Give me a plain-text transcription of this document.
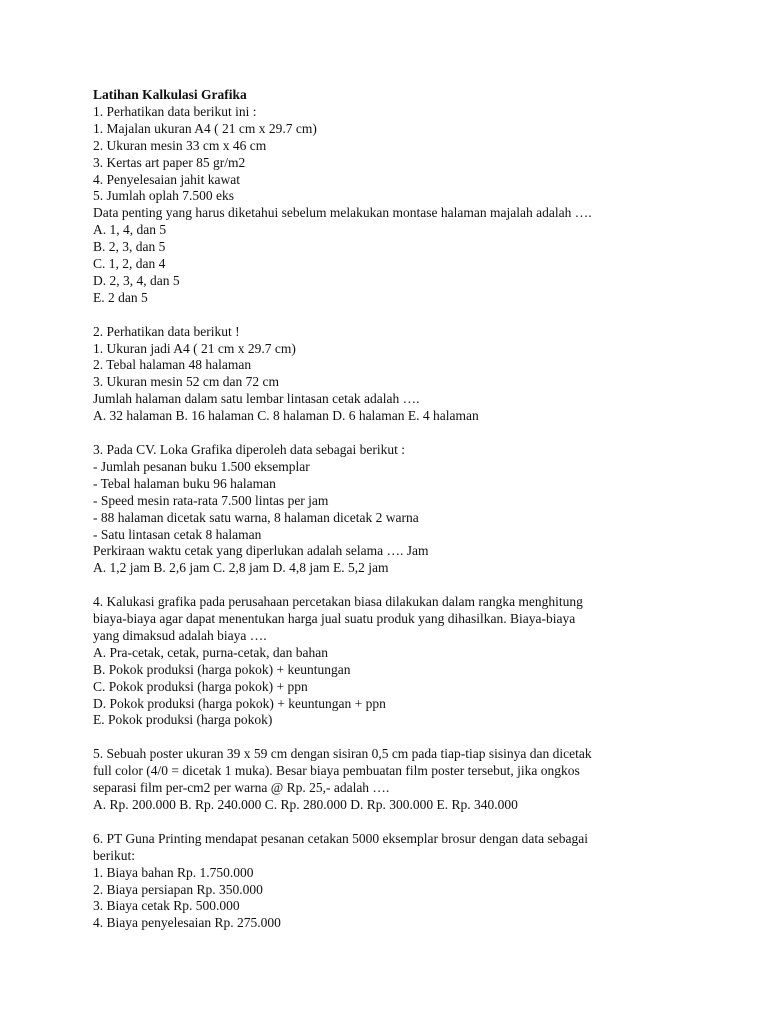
Latihan Kalkulasi Grafika
1. Perhatikan data berikut ini :
1. Majalan ukuran A4 ( 21 cm x 29.7 cm)
2. Ukuran mesin 33 cm x 46 cm
3. Kertas art paper 85 gr/m2
4. Penyelesaian jahit kawat
5. Jumlah oplah 7.500 eks
Data penting yang harus diketahui sebelum melakukan montase halaman majalah adalah ….
A. 1, 4, dan 5
B. 2, 3, dan 5
C. 1, 2, dan 4
D. 2, 3, 4, dan 5
E. 2 dan 5
2. Perhatikan data berikut !
1. Ukuran jadi A4 ( 21 cm x 29.7 cm)
2. Tebal halaman 48 halaman
3. Ukuran mesin 52 cm dan 72 cm
Jumlah halaman dalam satu lembar lintasan cetak adalah ….
A. 32 halaman B. 16 halaman C. 8 halaman D. 6 halaman E. 4 halaman
3. Pada CV. Loka Grafika diperoleh data sebagai berikut :
- Jumlah pesanan buku 1.500 eksemplar
- Tebal halaman buku 96 halaman
- Speed mesin rata-rata 7.500 lintas per jam
- 88 halaman dicetak satu warna, 8 halaman dicetak 2 warna
- Satu lintasan cetak 8 halaman
Perkiraan waktu cetak yang diperlukan adalah selama …. Jam
A. 1,2 jam B. 2,6 jam C. 2,8 jam D. 4,8 jam E. 5,2 jam
4. Kalukasi grafika pada perusahaan percetakan biasa dilakukan dalam rangka menghitung
biaya-biaya agar dapat menentukan harga jual suatu produk yang dihasilkan. Biaya-biaya
yang dimaksud adalah biaya ….
A. Pra-cetak, cetak, purna-cetak, dan bahan
B. Pokok produksi (harga pokok) + keuntungan
C. Pokok produksi (harga pokok) + ppn
D. Pokok produksi (harga pokok) + keuntungan + ppn
E. Pokok produksi (harga pokok)
5. Sebuah poster ukuran 39 x 59 cm dengan sisiran 0,5 cm pada tiap-tiap sisinya dan dicetak
full color (4/0 = dicetak 1 muka). Besar biaya pembuatan film poster tersebut, jika ongkos
separasi film per-cm2 per warna @ Rp. 25,- adalah ….
A. Rp. 200.000 B. Rp. 240.000 C. Rp. 280.000 D. Rp. 300.000 E. Rp. 340.000
6. PT Guna Printing mendapat pesanan cetakan 5000 eksemplar brosur dengan data sebagai
berikut:
1. Biaya bahan Rp. 1.750.000
2. Biaya persiapan Rp. 350.000
3. Biaya cetak Rp. 500.000
4. Biaya penyelesaian Rp. 275.000
